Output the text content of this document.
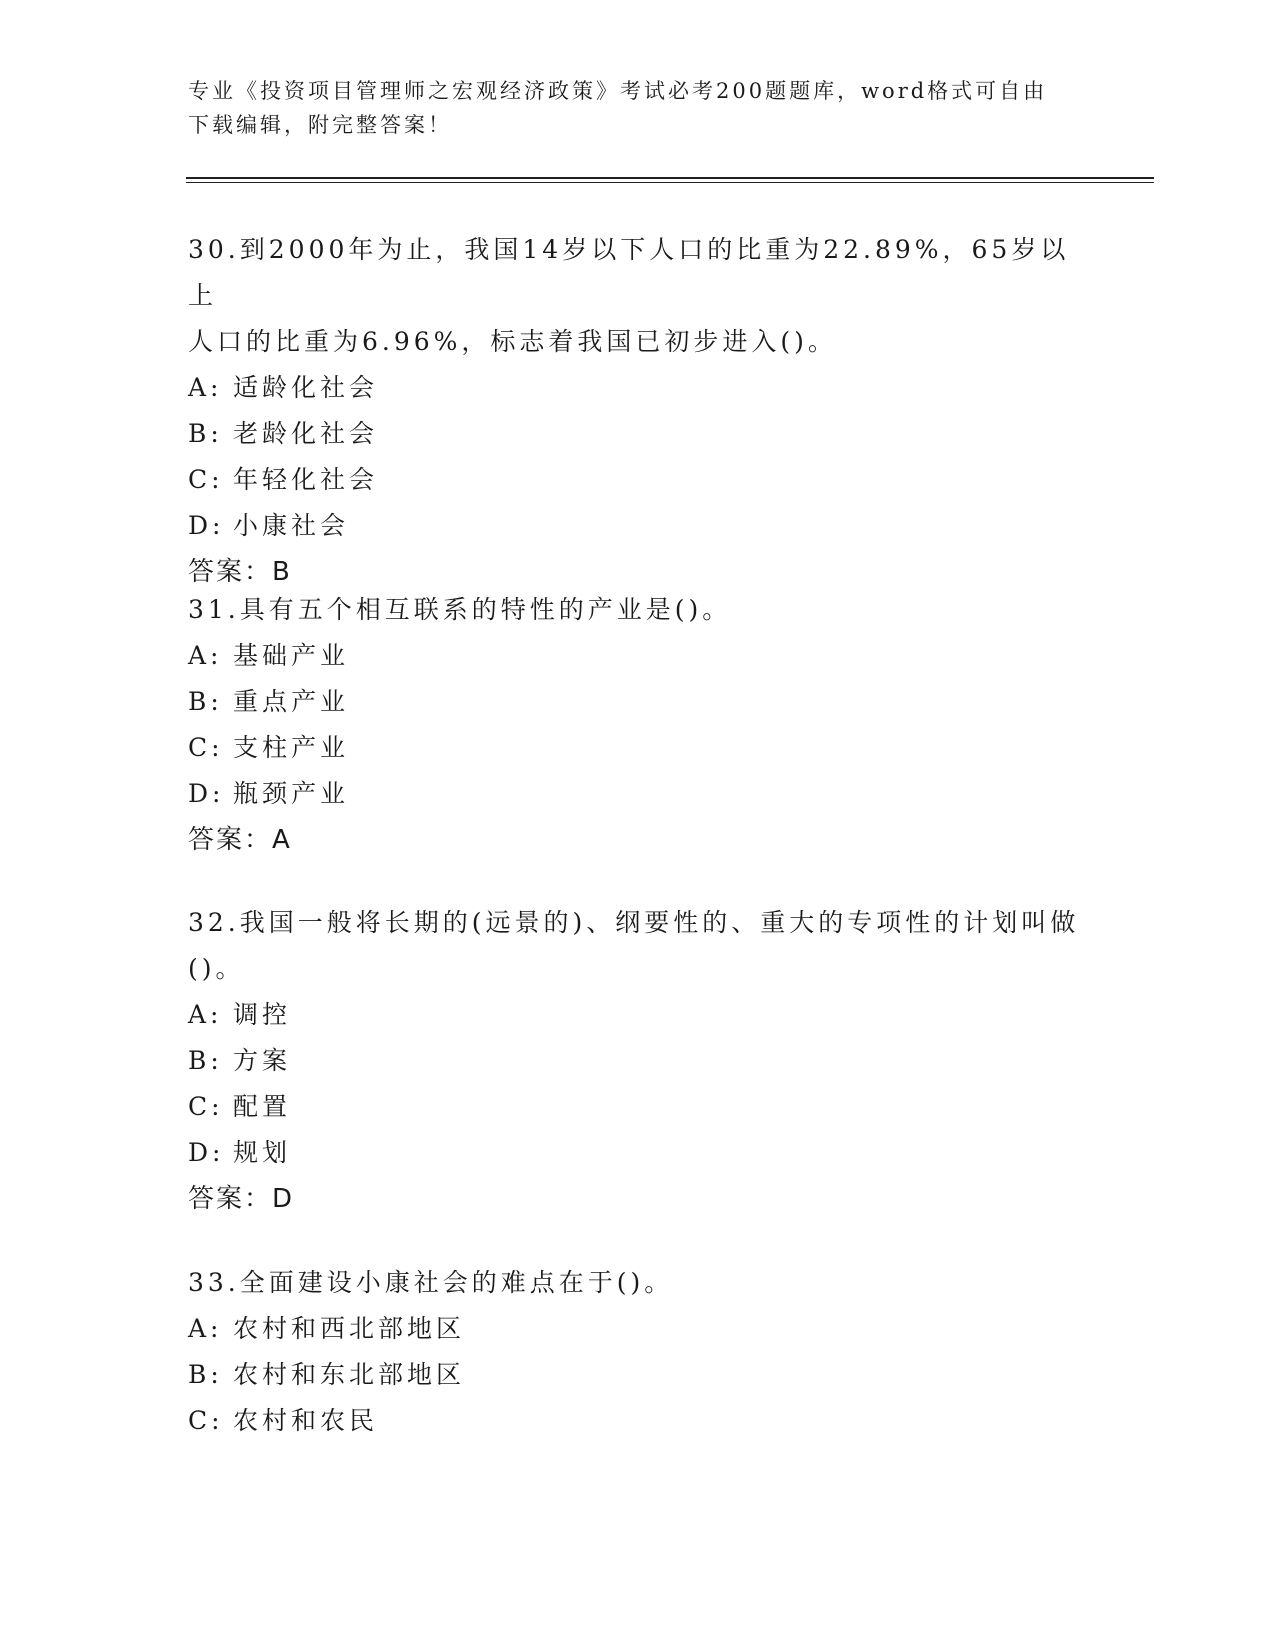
专业《投资项目管理师之宏观经济政策》考试必考200题题库，word格式可自由
下载编辑，附完整答案！

30.到2000年为止，我国14岁以下人口的比重为22.89%，65岁以上

人口的比重为6.96%，标志着我国已初步进入()。

A: 适龄化社会

B: 老龄化社会

C: 年轻化社会

D: 小康社会

答案：B

31.具有五个相互联系的特性的产业是()。

A: 基础产业

B: 重点产业

C: 支柱产业

D: 瓶颈产业

答案：A

32.我国一般将长期的(远景的)、纲要性的、重大的专项性的计划叫做

()。

A: 调控

B: 方案

C: 配置

D: 规划

答案：D

33.全面建设小康社会的难点在于()。

A: 农村和西北部地区

B: 农村和东北部地区

C: 农村和农民
